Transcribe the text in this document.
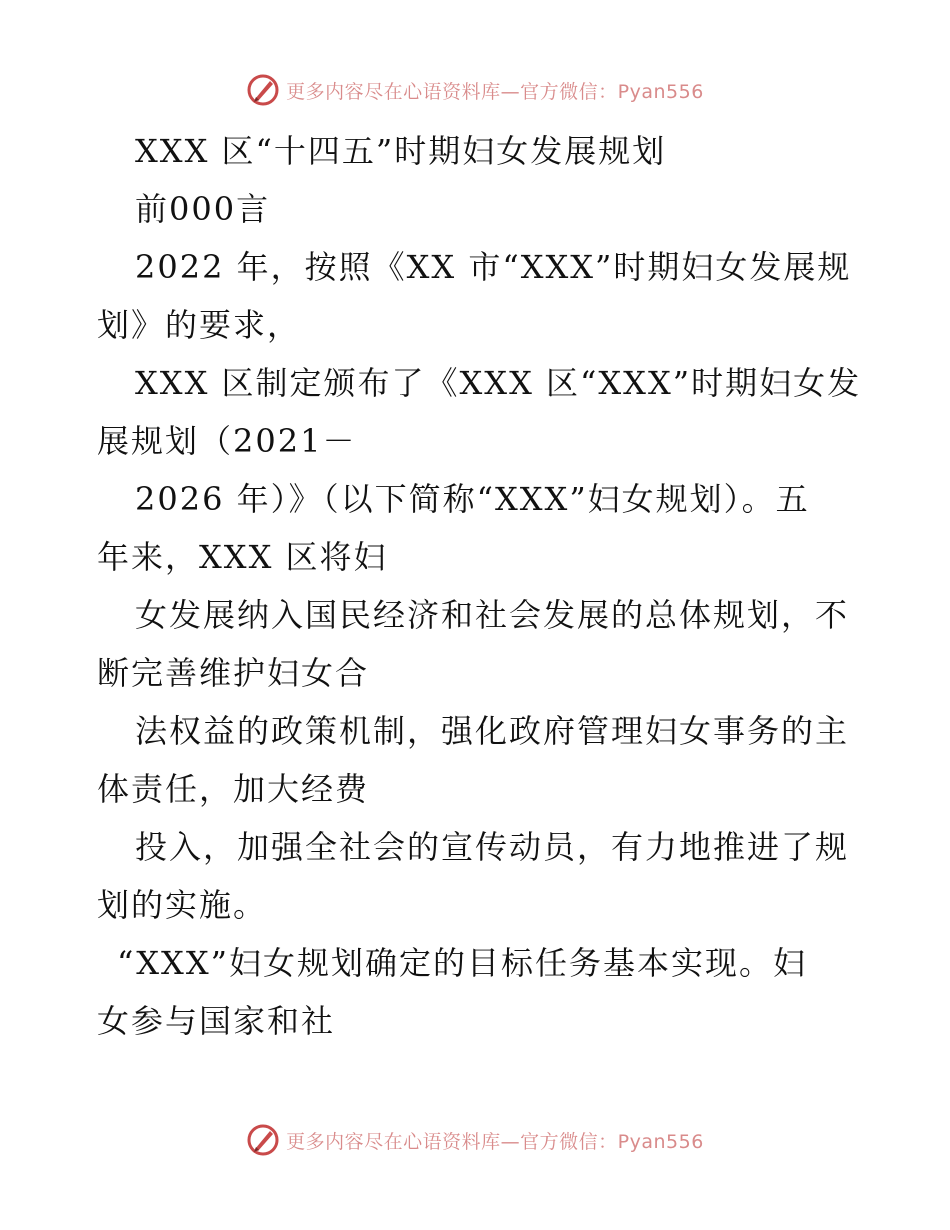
更多内容尽在心语资料库—官方微信：Pyan556
XXX 区“十四五”时期妇女发展规划
前000言
2022 年，按照《XX 市“XXX”时期妇女发展规
划》的要求，
XXX 区制定颁布了《XXX 区“XXX”时期妇女发
展规划（2021－
2026 年）》（以下简称“XXX”妇女规划）。五
年来，XXX 区将妇
女发展纳入国民经济和社会发展的总体规划，不
断完善维护妇女合
法权益的政策机制，强化政府管理妇女事务的主
体责任，加大经费
投入，加强全社会的宣传动员，有力地推进了规
划的实施。
“XXX”妇女规划确定的目标任务基本实现。妇
女参与国家和社
更多内容尽在心语资料库—官方微信：Pyan556
